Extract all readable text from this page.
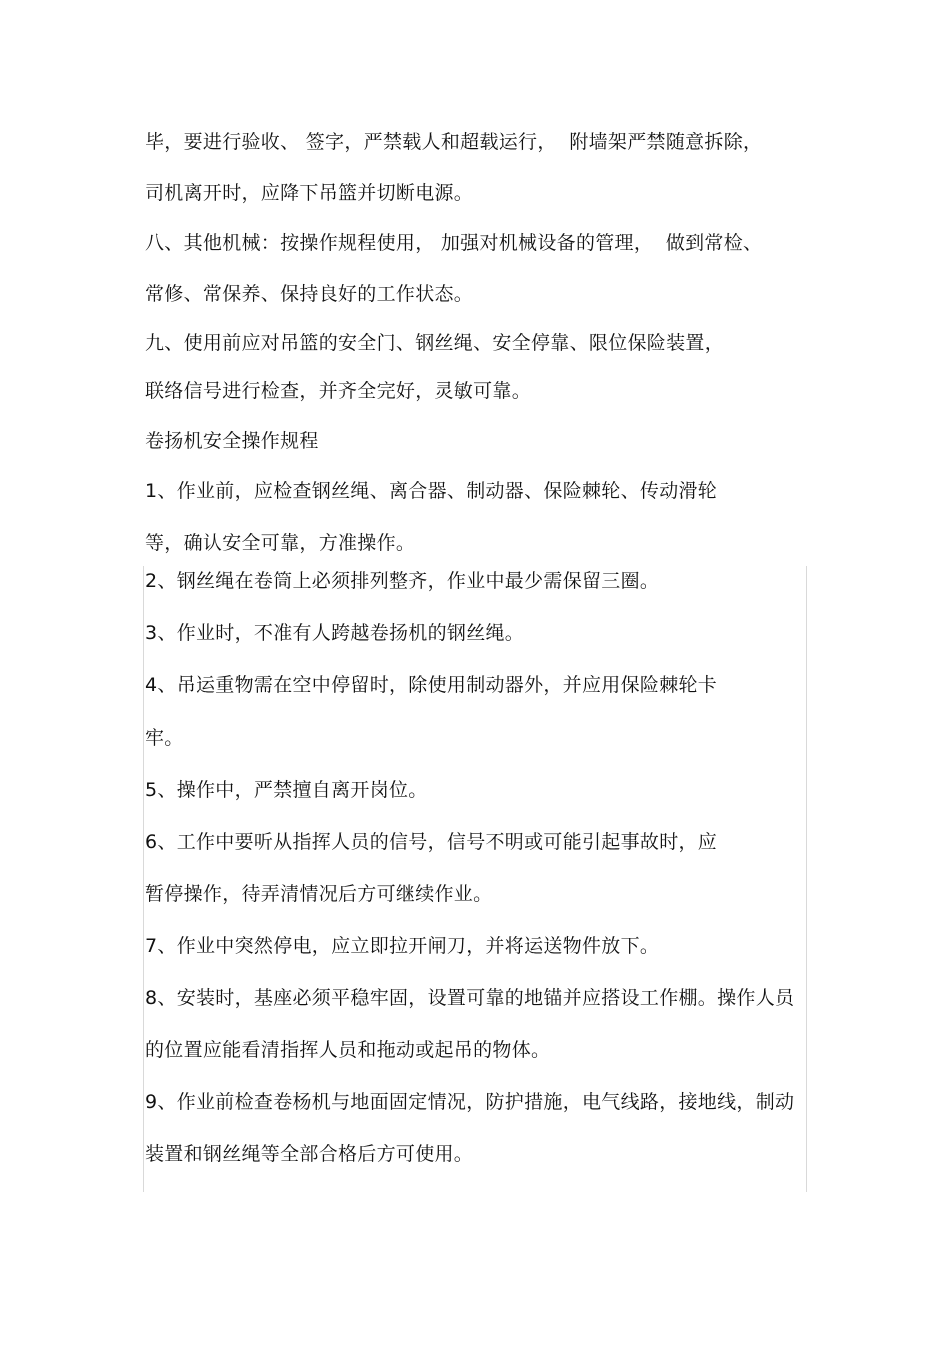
毕，要进行验收、 签字，严禁载人和超载运行，  附墙架严禁随意拆除，
司机离开时，应降下吊篮并切断电源。
八、其他机械：按操作规程使用， 加强对机械设备的管理，  做到常检、
常修、常保养、保持良好的工作状态。
九、使用前应对吊篮的安全门、钢丝绳、安全停靠、限位保险装置，
联络信号进行检查，并齐全完好，灵敏可靠。
卷扬机安全操作规程
1、作业前，应检查钢丝绳、离合器、制动器、保险棘轮、传动滑轮
等，确认安全可靠，方准操作。
2、钢丝绳在卷筒上必须排列整齐，作业中最少需保留三圈。
3、作业时，不准有人跨越卷扬机的钢丝绳。
4、吊运重物需在空中停留时，除使用制动器外，并应用保险棘轮卡
牢。
5、操作中，严禁擅自离开岗位。
6、工作中要听从指挥人员的信号，信号不明或可能引起事故时，应
暂停操作，待弄清情况后方可继续作业。
7、作业中突然停电，应立即拉开闸刀，并将运送物件放下。
8、安装时，基座必须平稳牢固，设置可靠的地锚并应搭设工作棚。操作人员
的位置应能看清指挥人员和拖动或起吊的物体。
9、作业前检查卷杨机与地面固定情况，防护措施，电气线路，接地线，制动
装置和钢丝绳等全部合格后方可使用。
